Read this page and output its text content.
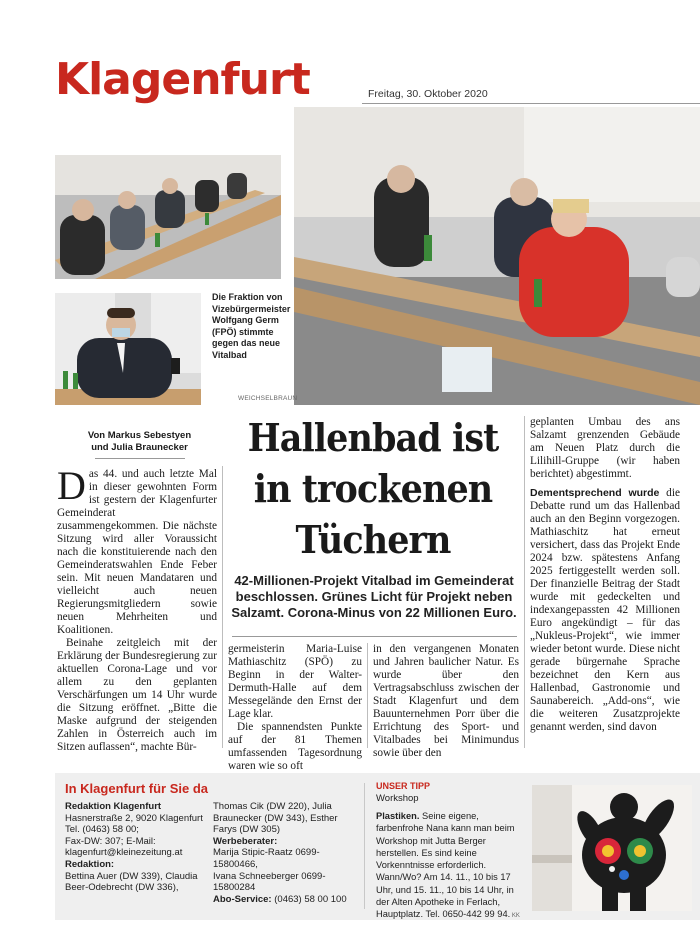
Klagenfurt	Freitag, 30. Oktober 2020
Die Fraktion von Vizebürgermeister Wolfgang Germ (FPÖ) stimmte gegen das neue Vitalbad
WEICHSELBRAUN
Von Markus Sebestyen
und Julia Braunecker	Hallenbad ist
in trockenen
Tüchern
42-Millionen-Projekt Vitalbad im Gemeinderat beschlossen. Grünes Licht für Projekt neben Salzamt. Corona-Minus von 22 Millionen Euro.

Das 44. und auch letzte Mal in dieser gewohnten Form ist gestern der Klagenfurter Gemeinderat zusammengekommen. Die nächste Sitzung wird aller Voraussicht nach die konstituierende nach den Gemeinderatswahlen Ende Feber sein. Mit neuen Mandataren und vielleicht auch neuen Regierungsmitgliedern sowie neuen Mehrheiten und Koalitionen.

Beinahe zeitgleich mit der Erklärung der Bundesregierung zur aktuellen Corona-Lage und vor allem zu den geplanten Verschärfungen um 14 Uhr wurde die Sitzung eröffnet. „Bitte die Maske aufgrund der steigenden Zahlen in Österreich auch im Sitzen auflassen“, machte Bür-

germeisterin Maria-Luise Mathiaschitz (SPÖ) zu Beginn in der Walter-Dermuth-Halle auf dem Messegelände den Ernst der Lage klar.

Die spannendsten Punkte auf der 81 Themen umfassenden Tagesordnung waren wie so oft

in den vergangenen Monaten und Jahren baulicher Natur. Es wurde über den Vertragsabschluss zwischen der Stadt Klagenfurt und dem Bauunternehmen Porr über die Errichtung des Sport- und Vitalbades bei Minimundus sowie über den

geplanten Umbau des ans Salzamt grenzenden Gebäude am Neuen Platz durch die Lilihill-Gruppe (wir haben berichtet) abgestimmt.

Dementsprechend wurde die Debatte rund um das Hallenbad auch an den Beginn vorgezogen. Mathiaschitz hat erneut versichert, dass das Projekt Ende 2024 bzw. spätestens Anfang 2025 fertiggestellt werden soll. Der finanzielle Beitrag der Stadt wurde mit gedeckelten und indexangepassten 42 Millionen Euro angekündigt – für das „Nukleus-Projekt“, wie immer wieder betont wurde. Diese nicht gerade bürgernahe Sprache bezeichnet den Kern aus Hallenbad, Gastronomie und Saunabereich. „Add-ons“, wie die weiteren Zusatzprojekte genannt werden, sind davon

In Klagenfurt für Sie da
Redaktion Klagenfurt
Hasnerstraße 2, 9020 Klagenfurt
Tel. (0463) 58 00;
Fax-DW: 307; E-Mail:
klagenfurt@kleinezeitung.at
Redaktion:
Bettina Auer (DW 339), Claudia
Beer-Odebrecht (DW 336),
Thomas Cik (DW 220), Julia
Braunecker (DW 343), Esther
Farys (DW 305)
Werbeberater:
Marija Stipic-Raatz 0699-15800466,
Ivana Schneeberger 0699-
15800284
Abo-Service: (0463) 58 00 100
UNSER TIPP
Workshop
Plastiken. Seine eigene, farbenfrohe Nana kann man beim Workshop mit Jutta Berger herstellen. Es sind keine Vorkenntnisse erforderlich. Wann/Wo? Am 14. 11., 10 bis 17 Uhr, und 15. 11., 10 bis 14 Uhr, in der Alten Apotheke in Ferlach, Hauptplatz. Tel. 0650-442 99 94. KK
